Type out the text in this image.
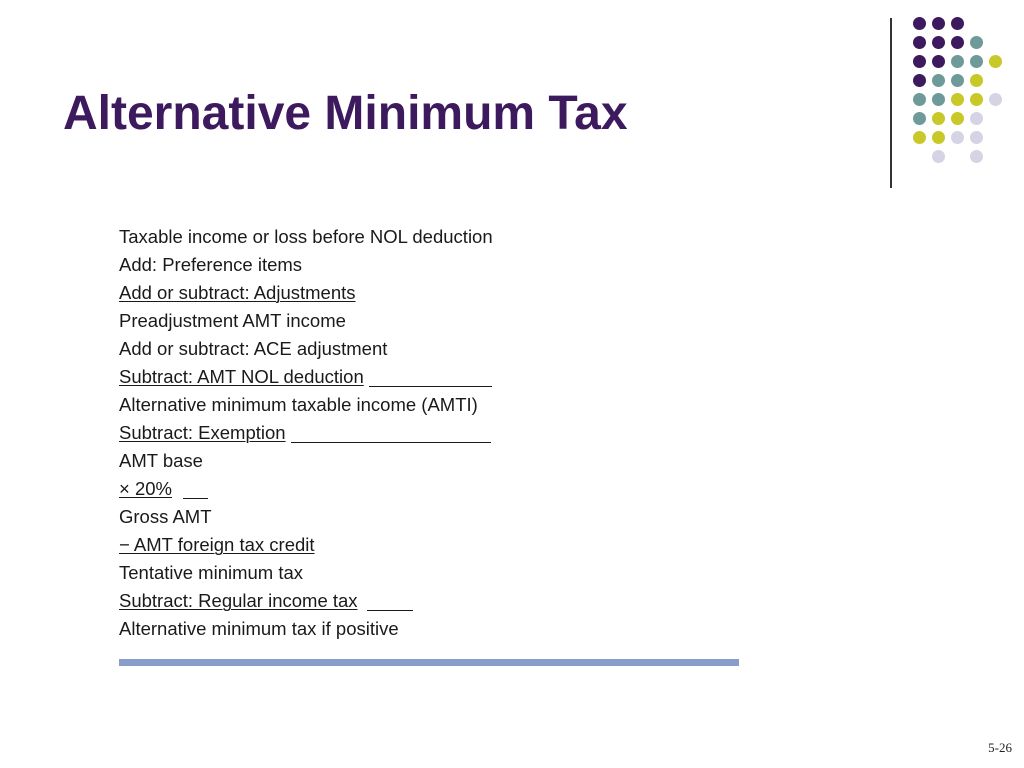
Alternative Minimum Tax
Taxable income or loss before NOL deduction
Add: Preference items
Add or subtract: Adjustments
Preadjustment AMT income
Add or subtract: ACE adjustment
Subtract: AMT NOL deduction
Alternative minimum taxable income (AMTI)
Subtract: Exemption
AMT base
× 20%
Gross AMT
− AMT foreign tax credit
Tentative minimum tax
Subtract: Regular income tax
Alternative minimum tax if positive
5-26
